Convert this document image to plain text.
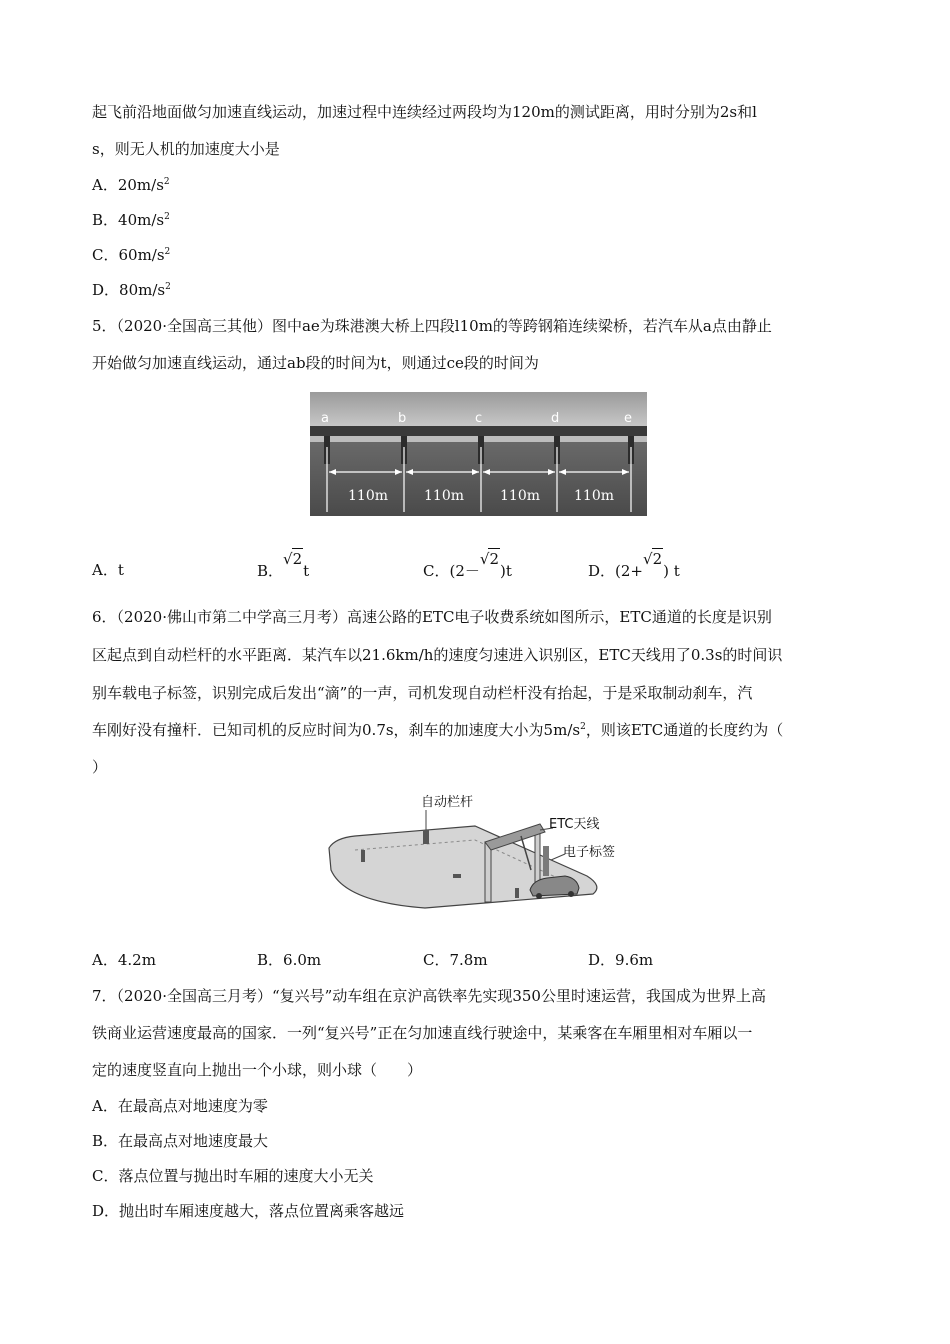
起飞前沿地面做匀加速直线运动，加速过程中连续经过两段均为120m的测试距离，用时分别为2s和l
s，则无人机的加速度大小是
A．$20m/s^2$
B．$40m/s^2$
C．$60m/s^2$
D．$80m/s^2$
5．（2020·全国高三其他）图中ae为珠港澳大桥上四段l10m的等跨钢箱连续梁桥，若汽车从a点由静止
开始做匀加速直线运动，通过ab段的时间为t，则通过ce段的时间为
a	b	c	d	e
110m	110m	110m 110m
A．t	B．√2t	C．(2－√2)t	D．(2+√2) t
6．（2020·佛山市第二中学高三月考）高速公路的ETC电子收费系统如图所示，ETC通道的长度是识别
区起点到自动栏杆的水平距离．某汽车以21.6km/h的速度匀速进入识别区，ETC天线用了0.3s的时间识
别车载电子标签，识别完成后发出“滴”的一声，司机发现自动栏杆没有抬起，于是采取制动刹车，汽
车刚好没有撞杆．已知司机的反应时间为0.7s，刹车的加速度大小为$5m/s^2$，则该ETC通道的长度约为（
）
自动栏杆
ETC天线
电子标签
A．4.2m	B．6.0m	C．7.8m	D．9.6m
7．（2020·全国高三月考）“复兴号”动车组在京沪高铁率先实现350公里时速运营，我国成为世界上高
铁商业运营速度最高的国家．一列“复兴号”正在匀加速直线行驶途中，某乘客在车厢里相对车厢以一
定的速度竖直向上抛出一个小球，则小球（　　）
A．在最高点对地速度为零
B．在最高点对地速度最大
C．落点位置与抛出时车厢的速度大小无关
D．抛出时车厢速度越大，落点位置离乘客越远
